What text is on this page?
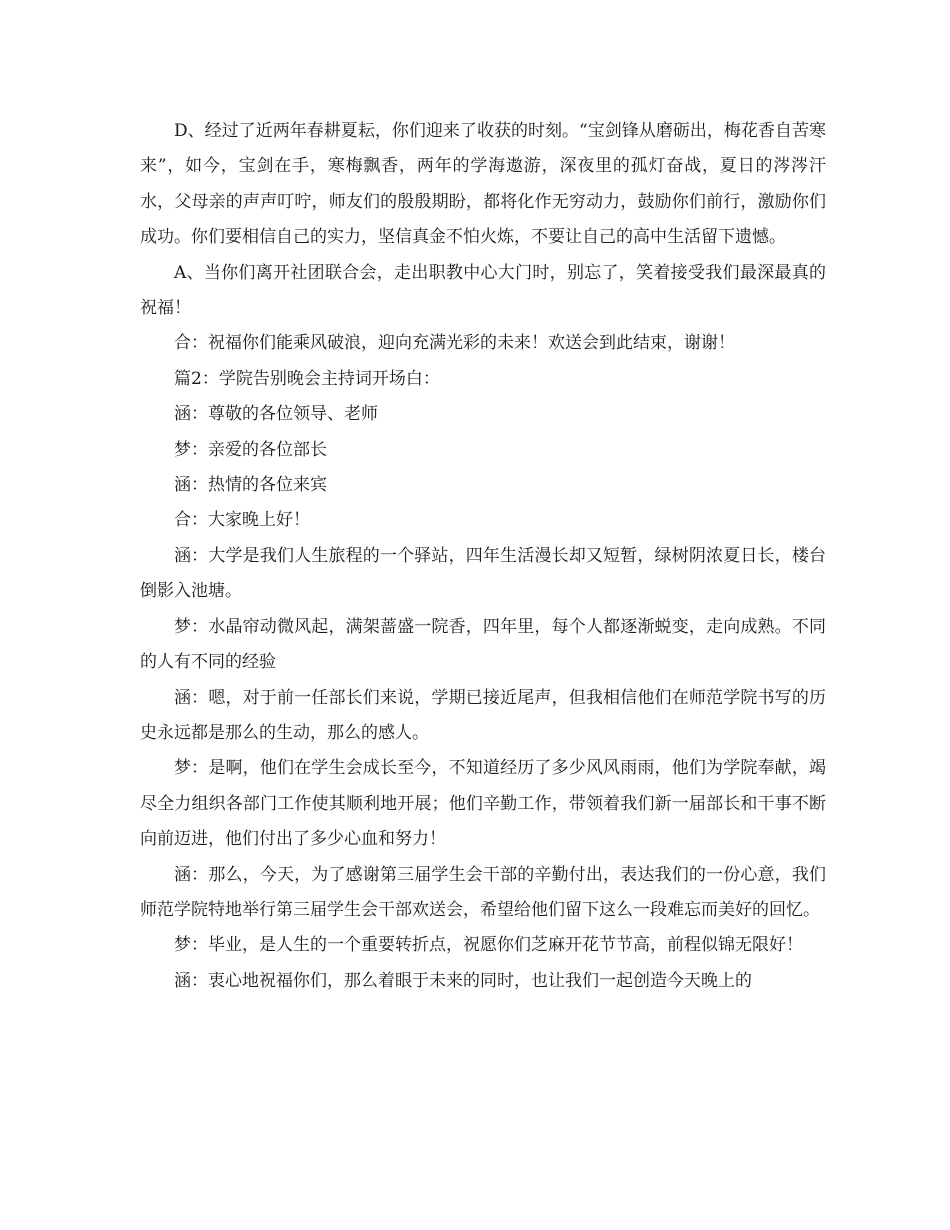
D、经过了近两年春耕夏耘，你们迎来了收获的时刻。“宝剑锋从磨砺出，梅花香自苦寒来”，如今，宝剑在手，寒梅飘香，两年的学海遨游，深夜里的孤灯奋战，夏日的涔涔汗水，父母亲的声声叮咛，师友们的殷殷期盼，都将化作无穷动力，鼓励你们前行，激励你们成功。你们要相信自己的实力，坚信真金不怕火炼，不要让自己的高中生活留下遗憾。

A、当你们离开社团联合会，走出职教中心大门时，别忘了，笑着接受我们最深最真的祝福！

合：祝福你们能乘风破浪，迎向充满光彩的未来！欢送会到此结束，谢谢！

篇2：学院告别晚会主持词开场白：

涵：尊敬的各位领导、老师

梦：亲爱的各位部长

涵：热情的各位来宾

合：大家晚上好！

涵：大学是我们人生旅程的一个驿站，四年生活漫长却又短暂，绿树阴浓夏日长，楼台倒影入池塘。

梦：水晶帘动微风起，满架蔷盛一院香，四年里，每个人都逐渐蜕变，走向成熟。不同的人有不同的经验

涵：嗯，对于前一任部长们来说，学期已接近尾声，但我相信他们在师范学院书写的历史永远都是那么的生动，那么的感人。

梦：是啊，他们在学生会成长至今，不知道经历了多少风风雨雨，他们为学院奉献，竭尽全力组织各部门工作使其顺利地开展；他们辛勤工作，带领着我们新一届部长和干事不断向前迈进，他们付出了多少心血和努力！

涵：那么，今天，为了感谢第三届学生会干部的辛勤付出，表达我们的一份心意，我们师范学院特地举行第三届学生会干部欢送会，希望给他们留下这么一段难忘而美好的回忆。

梦：毕业，是人生的一个重要转折点，祝愿你们芝麻开花节节高，前程似锦无限好！

涵：衷心地祝福你们，那么着眼于未来的同时，也让我们一起创造今天晚上的
